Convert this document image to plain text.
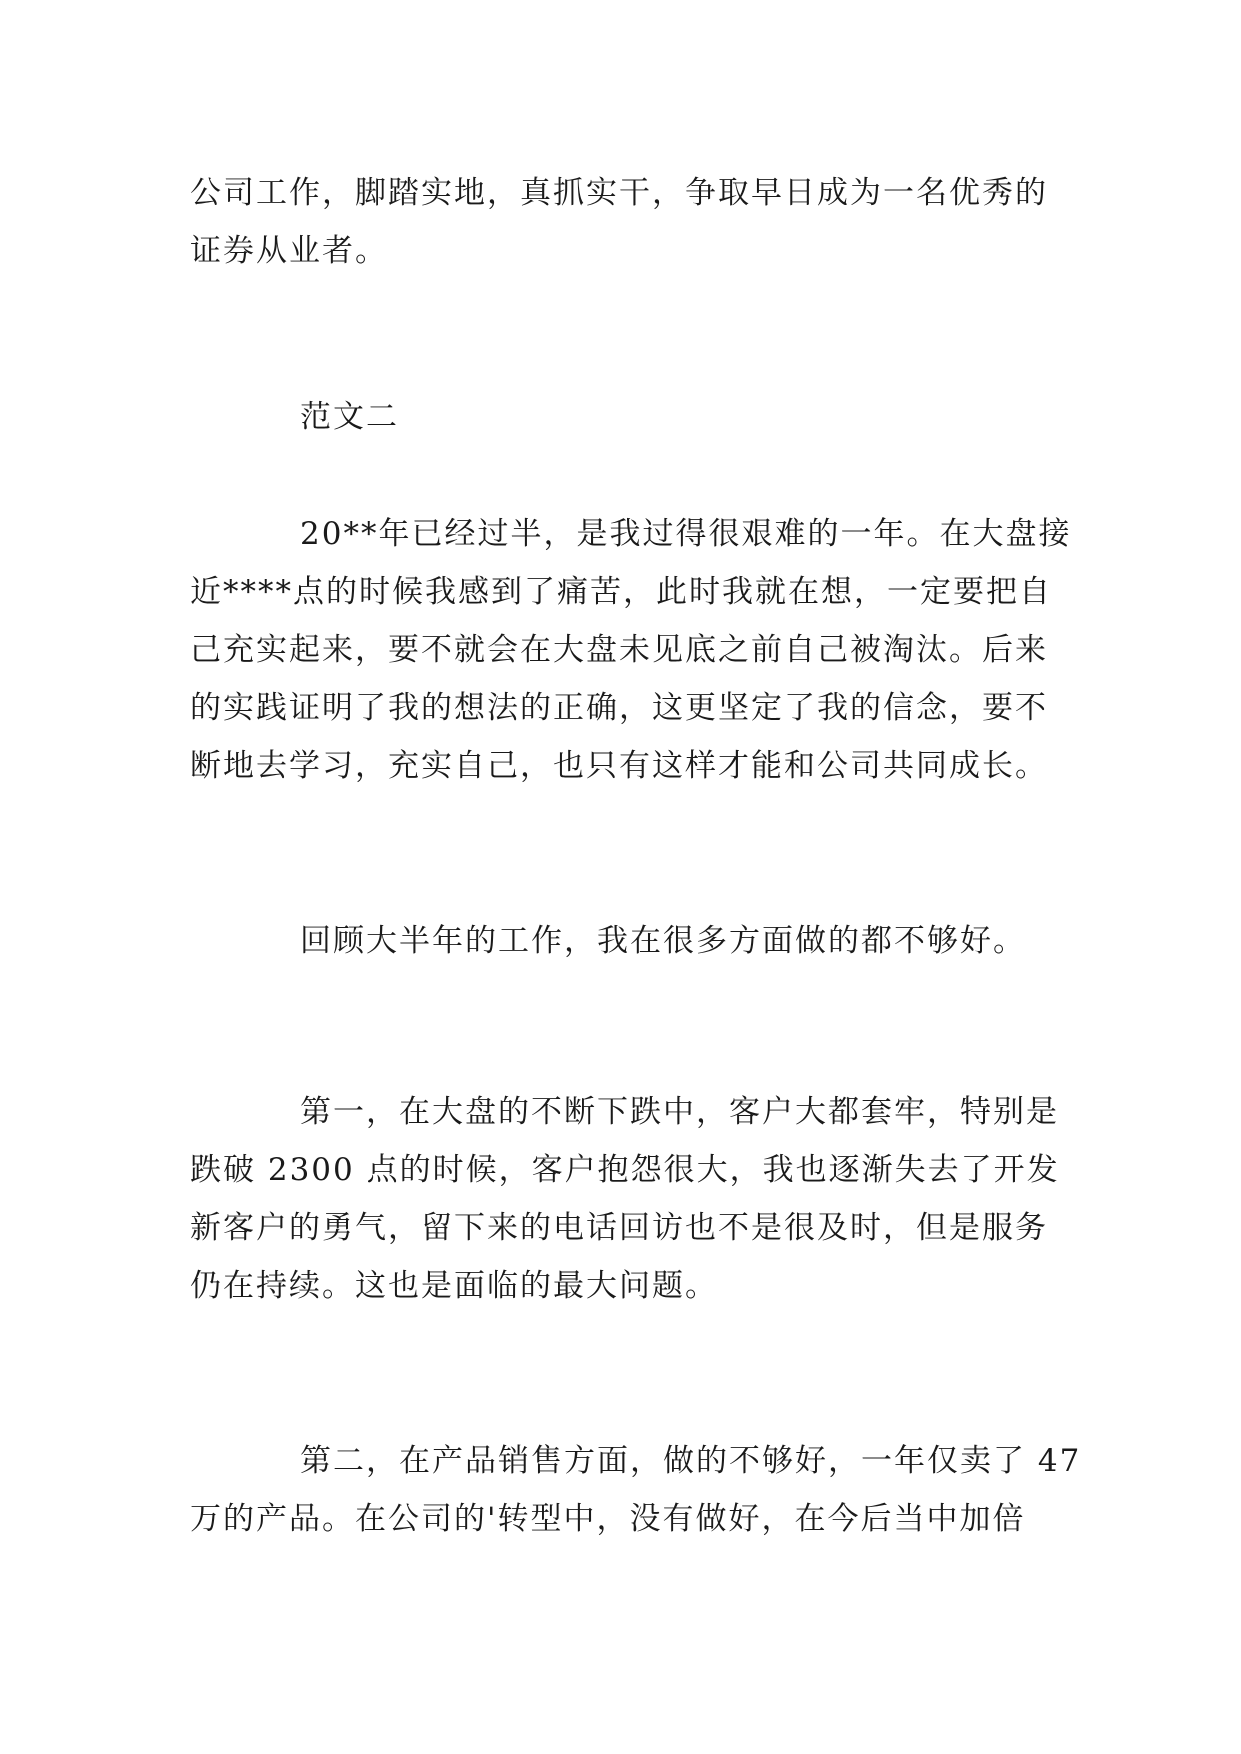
公司工作，脚踏实地，真抓实干，争取早日成为一名优秀的
证券从业者。

范文二

20**年已经过半，是我过得很艰难的一年。在大盘接
近****点的时候我感到了痛苦，此时我就在想，一定要把自
己充实起来，要不就会在大盘未见底之前自己被淘汰。后来
的实践证明了我的想法的正确，这更坚定了我的信念，要不
断地去学习，充实自己，也只有这样才能和公司共同成长。

回顾大半年的工作，我在很多方面做的都不够好。

第一，在大盘的不断下跌中，客户大都套牢，特别是
跌破 2300 点的时候，客户抱怨很大，我也逐渐失去了开发
新客户的勇气，留下来的电话回访也不是很及时，但是服务
仍在持续。这也是面临的最大问题。

第二，在产品销售方面，做的不够好，一年仅卖了 47
万的产品。在公司的'转型中，没有做好，在今后当中加倍
